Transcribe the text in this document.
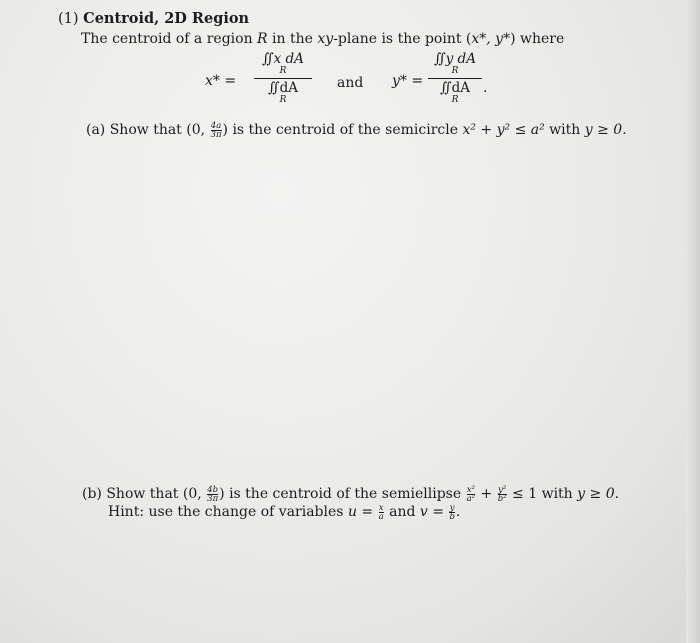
(1) Centroid, 2D Region
The centroid of a region R in the xy-plane is the point (x*, y*) where
x* =
∫∫ x dA
R
∫∫ dA
R
and y* =
∫∫ y dA
R
∫∫ dA
R
.
(a) Show that (0, $\frac{4a}{3\pi}$) is the centroid of the semicircle x² + y² ≤ a² with y ≥ 0.
(b) Show that (0, $\frac{4b}{3\pi}$) is the centroid of the semiellipse $\frac{\text{x²}}{\text{a²}} + \frac{\text{y²}}{\text{b²}} \le 1$ with y ≥ 0.
Hint: use the change of variables $u = \frac{x}{a}$ and $v = \frac{y}{b}$.
